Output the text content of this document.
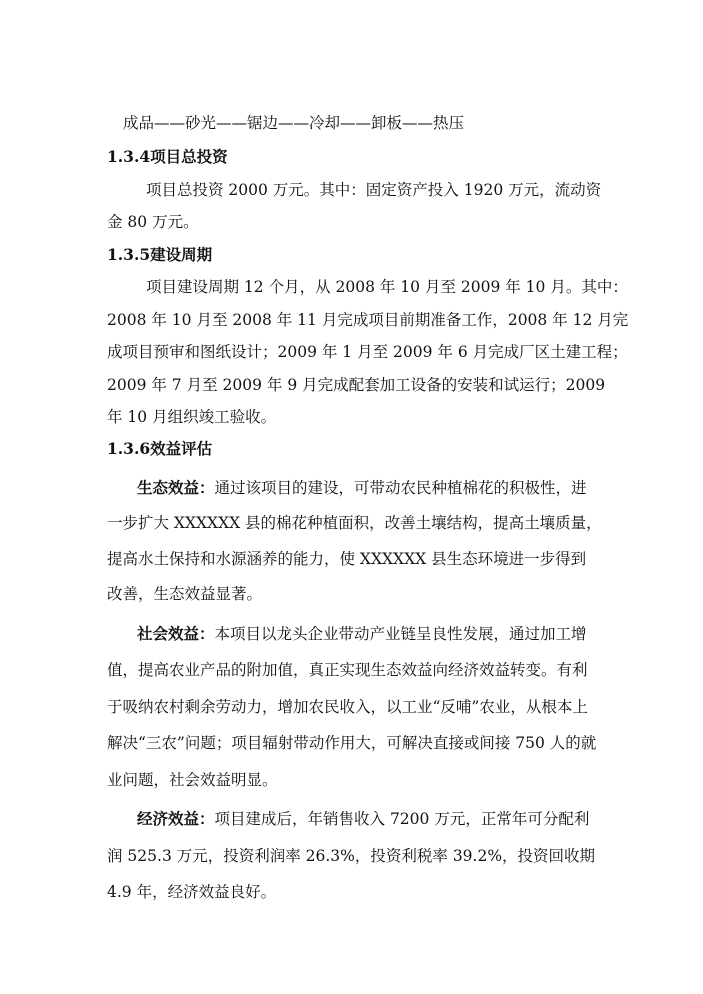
成品——砂光——锯边——冷却——卸板——热压
1.3.4项目总投资
项目总投资 2000 万元。其中：固定资产投入 1920 万元，流动资
金 80 万元。
1.3.5建设周期
项目建设周期 12 个月，从 2008 年 10 月至 2009 年 10 月。其中：
2008 年 10 月至 2008 年 11 月完成项目前期准备工作，2008 年 12 月完
成项目预审和图纸设计；2009 年 1 月至 2009 年 6 月完成厂区土建工程；
2009 年 7 月至 2009 年 9 月完成配套加工设备的安装和试运行；2009
年 10 月组织竣工验收。
1.3.6效益评估
生态效益：通过该项目的建设，可带动农民种植棉花的积极性，进
一步扩大 XXXXXX 县的棉花种植面积，改善土壤结构，提高土壤质量，
提高水土保持和水源涵养的能力，使 XXXXXX 县生态环境进一步得到
改善，生态效益显著。
社会效益：本项目以龙头企业带动产业链呈良性发展，通过加工增
值，提高农业产品的附加值，真正实现生态效益向经济效益转变。有利
于吸纳农村剩余劳动力，增加农民收入，以工业“反哺”农业，从根本上
解决“三农”问题；项目辐射带动作用大，可解决直接或间接 750 人的就
业问题，社会效益明显。
经济效益：项目建成后，年销售收入 7200 万元，正常年可分配利
润 525.3 万元，投资利润率 26.3%，投资利税率 39.2%，投资回收期
4.9 年，经济效益良好。
